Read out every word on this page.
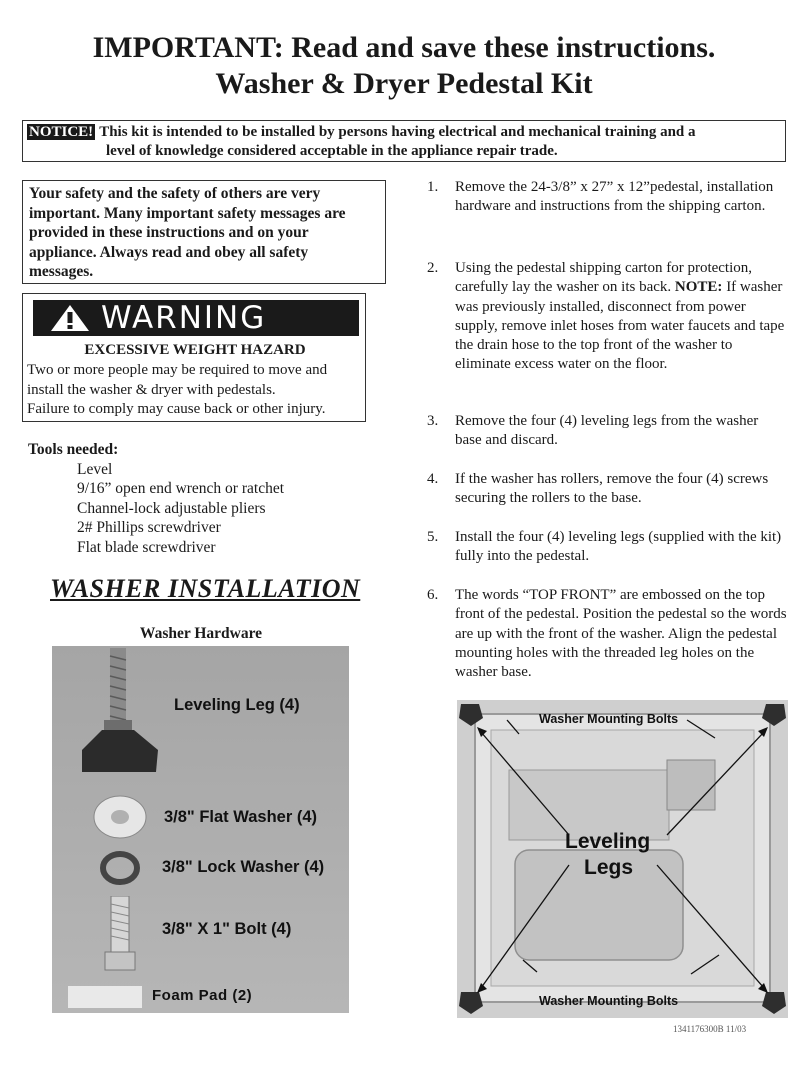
IMPORTANT: Read and save these instructions.
Washer & Dryer Pedestal Kit
NOTICE! This kit is intended to be installed by persons having electrical and mechanical training and a
level of knowledge considered acceptable in the appliance repair trade.
Your safety and the safety of others are very
important. Many important safety messages are
provided in these instructions and on your
appliance. Always read and obey all safety
messages.
WARNING
EXCESSIVE WEIGHT HAZARD
Two or more people may be required to move and
install the washer & dryer with pedestals.
Failure to comply may cause back or other injury.
Tools needed:
Level
9/16” open end wrench or ratchet
Channel-lock adjustable pliers
2# Phillips screwdriver
Flat blade screwdriver
WASHER INSTALLATION
Washer Hardware
Leveling Leg (4)
3/8" Flat Washer (4)
3/8" Lock Washer (4)
3/8" X 1" Bolt (4)
Foam Pad (2)
1. Remove the 24-3/8” x 27” x 12”pedestal, installation hardware and instructions from the shipping carton.
2. Using the pedestal shipping carton for protection, carefully lay the washer on its back. NOTE: If washer was previously installed, disconnect from power supply, remove inlet hoses from water faucets and tape the drain hose to the top front of the washer to eliminate excess water on the floor.
3. Remove the four (4) leveling legs from the washer base and discard.
4. If the washer has rollers, remove the four (4) screws securing the rollers to the base.
5. Install the four (4) leveling legs (supplied with the kit) fully into the pedestal.
6. The words “TOP FRONT” are embossed on the top front of the pedestal. Position the pedestal so the words are up with the front of the washer. Align the pedestal mounting holes with the threaded leg holes on the washer base.
Washer Mounting Bolts
Leveling
Legs
Washer Mounting Bolts
1341176300B 11/03
